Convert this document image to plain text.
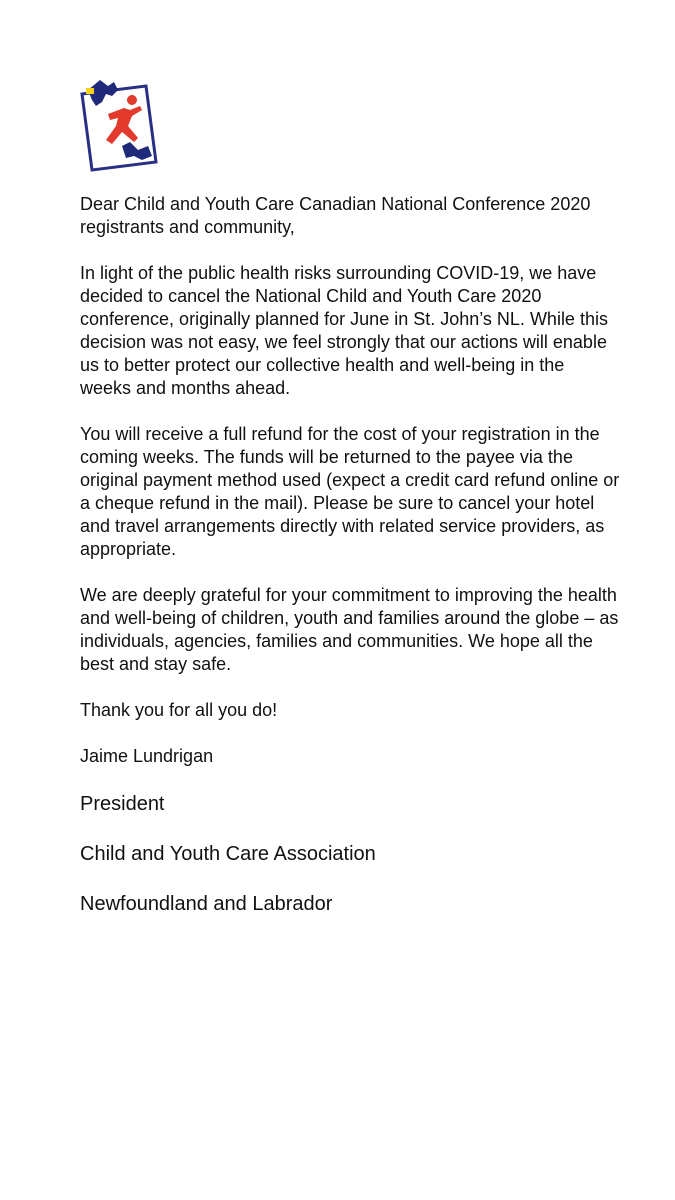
Dear Child and Youth Care Canadian National Conference 2020 registrants and community,

In light of the public health risks surrounding COVID-19, we have decided to cancel the National Child and Youth Care 2020 conference, originally planned for June in St. John’s NL. While this decision was not easy, we feel strongly that our actions will enable us to better protect our collective health and well-being in the weeks and months ahead.

You will receive a full refund for the cost of your registration in the coming weeks. The funds will be returned to the payee via the original payment method used (expect a credit card refund online or a cheque refund in the mail). Please be sure to cancel your hotel and travel arrangements directly with related service providers, as appropriate.

We are deeply grateful for your commitment to improving the health and well-being of children, youth and families around the globe – as individuals, agencies, families and communities. We hope all the best and stay safe.

Thank you for all you do!

Jaime Lundrigan

President

Child and Youth Care Association

Newfoundland and Labrador
